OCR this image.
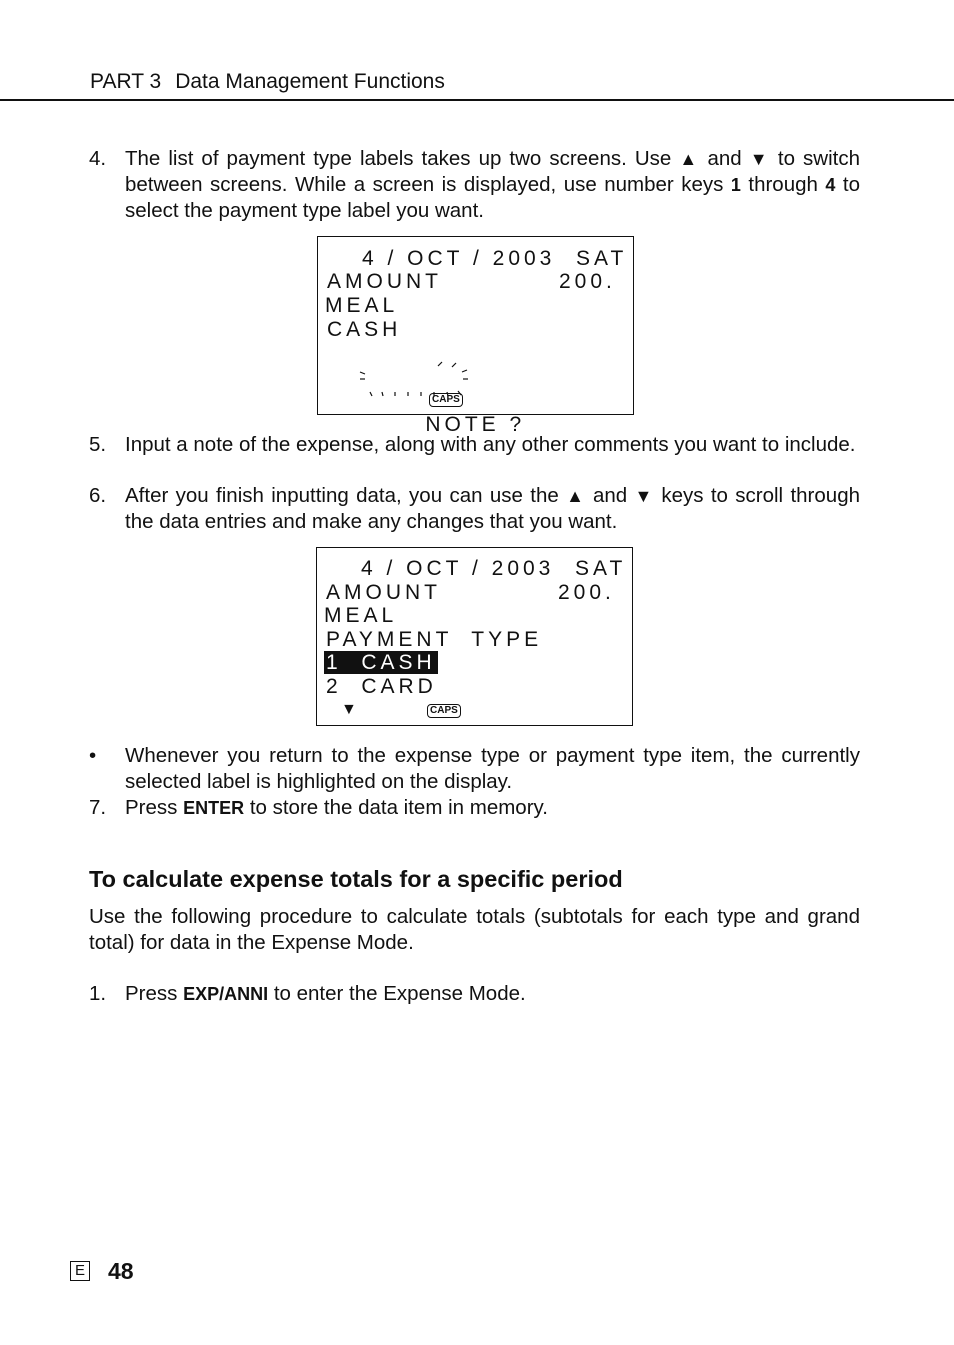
PART 3 Data Management Functions
4. The list of payment type labels takes up two screens. Use ▲ and ▼ to switch between screens. While a screen is displayed, use number keys 1 through 4 to select the payment type label you want.
4 / OCT / 2003 SAT
AMOUNT	200.
MEAL
CASH

NOTE ?

CAPS
5. Input a note of the expense, along with any other comments you want to include.
6. After you finish inputting data, you can use the ▲ and ▼ keys to scroll through the data entries and make any changes that you want.
4 / OCT / 2003 SAT
AMOUNT	200.
MEAL
PAYMENT  TYPE
1  CASH
2  CARD
▼	CAPS
• Whenever you return to the expense type or payment type item, the currently selected label is highlighted on the display.
7. Press ENTER to store the data item in memory.
To calculate expense totals for a specific period
Use the following procedure to calculate totals (subtotals for each type and grand total) for data in the Expense Mode.
1. Press EXP/ANNI to enter the Expense Mode.
E 48
